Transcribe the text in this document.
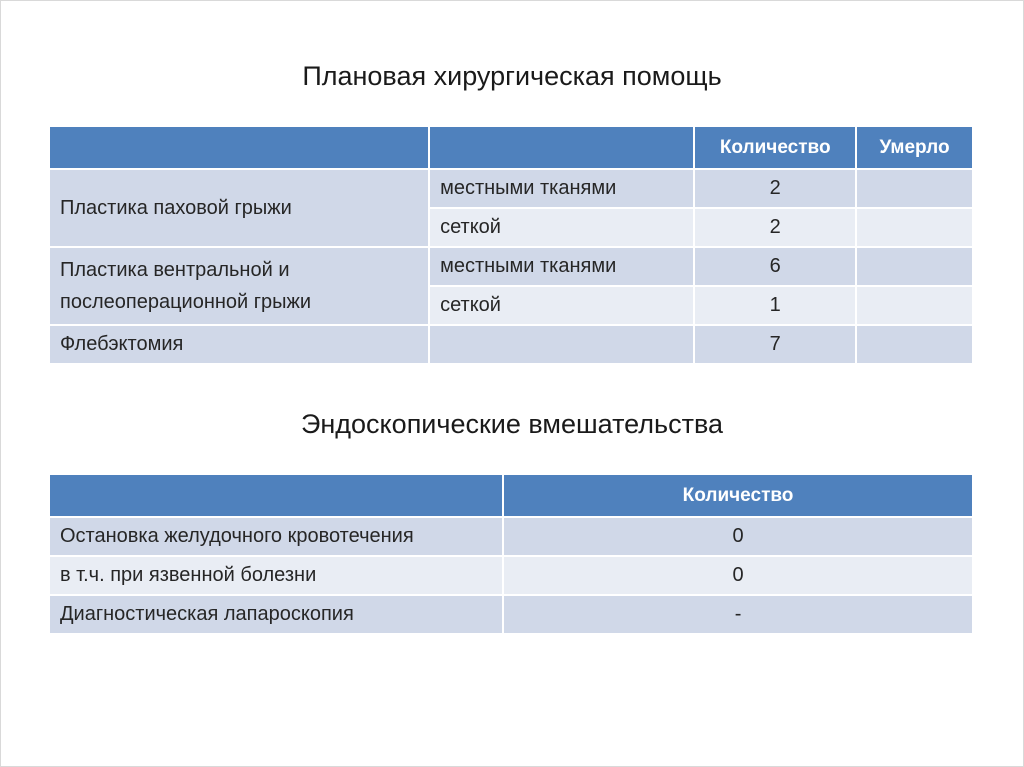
Плановая хирургическая помощь
		Количество	Умерло
Пластика паховой грыжи	местными тканями	2	
	сеткой	2	
Пластика вентральной и послеоперационной грыжи	местными тканями	6	
	сеткой	1	
Флебэктомия		7	
Эндоскопические вмешательства
	Количество
Остановка желудочного кровотечения	0
в т.ч. при язвенной болезни	0
Диагностическая лапароскопия	-
